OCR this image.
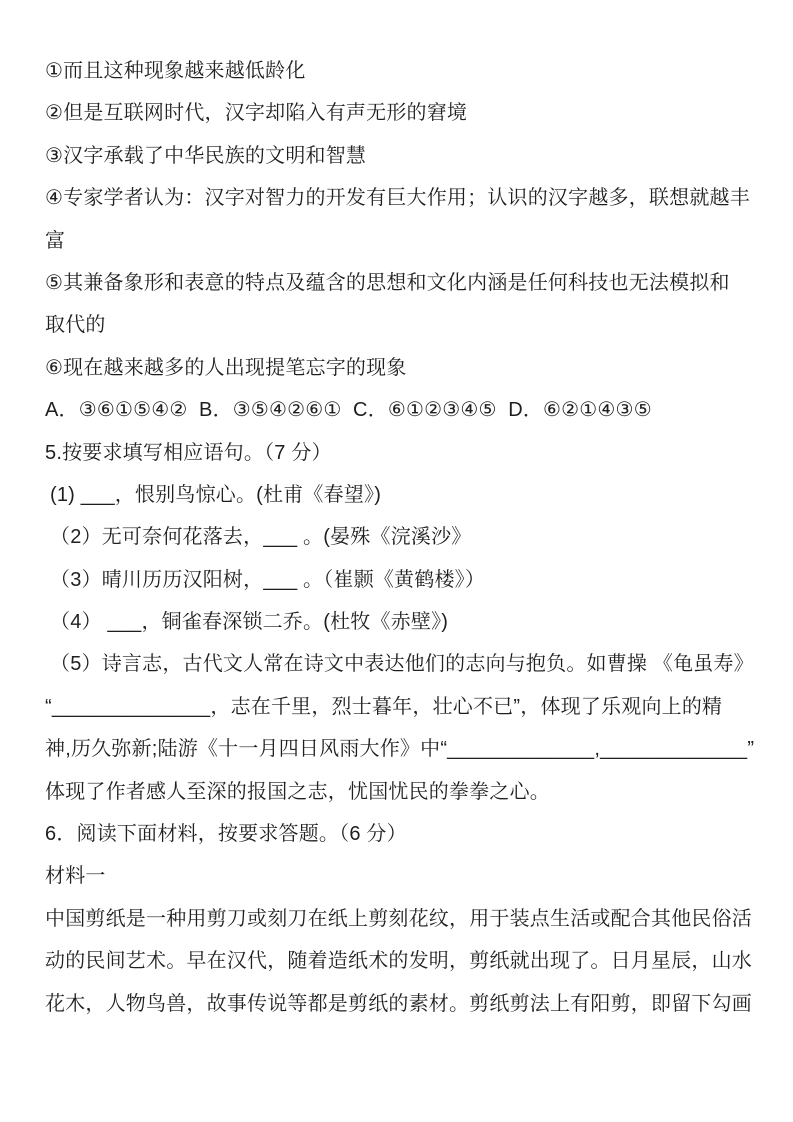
①而且这种现象越来越低龄化
②但是互联网时代，汉字却陷入有声无形的窘境
③汉字承载了中华民族的文明和智慧
④专家学者认为：汉字对智力的开发有巨大作用；认识的汉字越多，联想就越丰
富
⑤其兼备象形和表意的特点及蕴含的思想和文化内涵是任何科技也无法模拟和
取代的
⑥现在越来越多的人出现提笔忘字的现象
A．③⑥①⑤④②  B．③⑤④②⑥①  C．⑥①②③④⑤  D．⑥②①④③⑤
5.按要求填写相应语句。（7 分）
(1) ___，恨别鸟惊心。(杜甫《春望》)
（2）无可奈何花落去，___ 。(晏殊《浣溪沙》
（3）晴川历历汉阳树，___ 。（崔颢《黄鹤楼》）
（4） ___，铜雀春深锁二乔。(杜牧《赤壁》)
（5）诗言志，古代文人常在诗文中表达他们的志向与抱负。如曹操 《龟虽寿》
“______________，志在千里，烈士暮年，壮心不已”，体现了乐观向上的精
神,历久弥新;陆游《十一月四日风雨大作》中“_____________,_____________”
体现了作者感人至深的报国之志，忧国忧民的拳拳之心。
6．阅读下面材料，按要求答题。（6 分）
材料一
中国剪纸是一种用剪刀或刻刀在纸上剪刻花纹，用于装点生活或配合其他民俗活
动的民间艺术。早在汉代，随着造纸术的发明，剪纸就出现了。日月星辰，山水
花木，人物鸟兽，故事传说等都是剪纸的素材。剪纸剪法上有阳剪，即留下勾画
